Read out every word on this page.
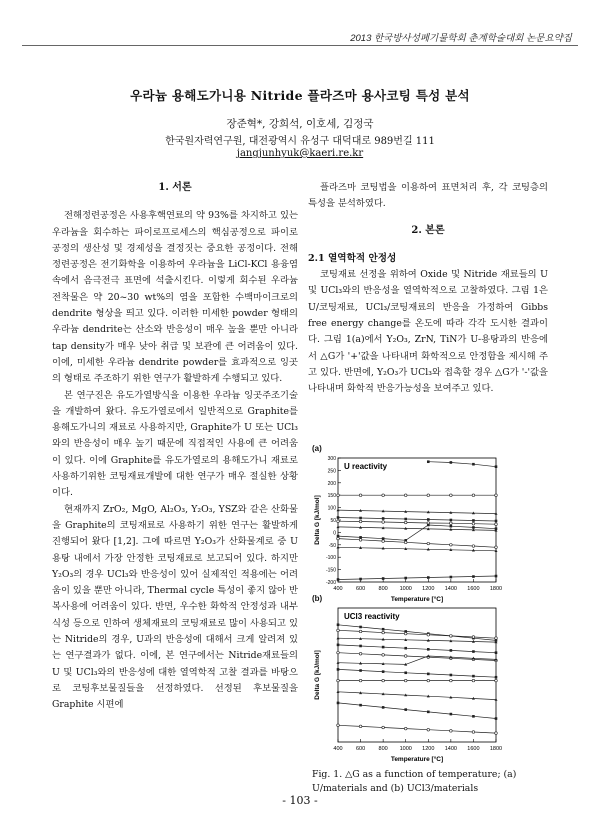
2013 한국방사성폐기물학회 춘계학술대회 논문요약집
우라늄 용해도가니용 Nitride 플라즈마 용사코팅 특성 분석
장준혁*, 강희석, 이호세, 김정국
한국원자력연구원, 대전광역시 유성구 대덕대로 989번길 111
jangjunhyuk@kaeri.re.kr
1. 서론

전해정련공정은 사용후핵연료의 약 93%를 차지하고 있는 우라늄을 회수하는 파이로프로세스의 핵심공정으로 파이로 공정의 생산성 및 경제성을 결정짓는 중요한 공정이다. 전해정련공정은 전기화학을 이용하여 우라늄을 LiCl-KCl 용융염 속에서 음극전극 표면에 석출시킨다. 이렇게 회수된 우라늄 전착물은 약 20~30 wt%의 염을 포함한 수백마이크로의 dendrite 형상을 띄고 있다. 이러한 미세한 powder 형태의 우라늄 dendrite는 산소와 반응성이 매우 높을 뿐만 아니라 tap density가 매우 낮아 취급 및 보관에 큰 어려움이 있다. 이에, 미세한 우라늄 dendrite powder를 효과적으로 잉곳의 형태로 주조하기 위한 연구가 활발하게 수행되고 있다.

본 연구진은 유도가열방식을 이용한 우라늄 잉곳주조기술을 개발하여 왔다. 유도가열로에서 일반적으로 Graphite를 용해도가니의 재료로 사용하지만, Graphite가 U 또는 UCl₃와의 반응성이 매우 높기 때문에 직접적인 사용에 큰 어려움이 있다. 이에 Graphite를 유도가열로의 용해도가니 재료로 사용하기위한 코팅재료개발에 대한 연구가 매우 절실한 상황이다.

현재까지 ZrO₂, MgO, Al₂O₃, Y₂O₃, YSZ와 같은 산화물을 Graphite의 코팅재료로 사용하기 위한 연구는 활발하게 진행되어 왔다 [1,2]. 그에 따르면 Y₂O₃가 산화물계로 중 U용탕 내에서 가장 안정한 코팅재료로 보고되어 있다. 하지만 Y₂O₃의 경우 UCl₃와 반응성이 있어 실제적인 적용에는 어려움이 있을 뿐만 아니라, Thermal cycle 특성이 좋지 않아 반복사용에 어려움이 있다. 반면, 우수한 화학적 안정성과 내부식성 등으로 인하여 생체재료의 코팅재료로 많이 사용되고 있는 Nitride의 경우, U과의 반응성에 대해서 크게 알려져 있는 연구결과가 없다. 이에, 본 연구에서는 Nitride재료들의 U 및 UCl₃와의 반응성에 대한 열역학적 고찰 결과를 바탕으로 코팅후보물질들을 선정하였다. 선정된 후보물질을 Graphite 시편에

플라즈마 코팅법을 이용하여 표면처리 후, 각 코팅층의 특성을 분석하였다.

2. 본론
2.1 열역학적 안정성

코팅재료 선정을 위하여 Oxide 및 Nitride 재료들의 U 및 UCl₃와의 반응성을 열역학적으로 고찰하였다. 그림 1은 U/코팅재료, UCl₃/코팅재료의 반응을 가정하여 Gibbs free energy change를 온도에 따라 각각 도시한 결과이다. 그림 1(a)에서 Y₂O₃, ZrN, TiN가 U-용탕과의 반응에서 △G가 '+'값을 나타내며 화학적으로 안정함을 제시해 주고 있다. 반면에, Y₂O₃가 UCl₃와 접촉할 경우 △G가 '-'값을 나타내며 화학적 반응가능성을 보여주고 있다.

(a)
U reactivity
400 600 800 1000 1200 1400 1600 1800
-200
-150
-100
-50
0
50
100
150
200
250
300
Temperature [°C]
Delta G [kJ/mol]
(b)
UCl3 reactivity
400 600 800 1000 1200 1400 1600 1800
Temperature [°C]
Delta G [kJ/mol]
Fig. 1. △G as a function of temperature; (a) U/materials and (b) UCl3/materials
- 103 -
